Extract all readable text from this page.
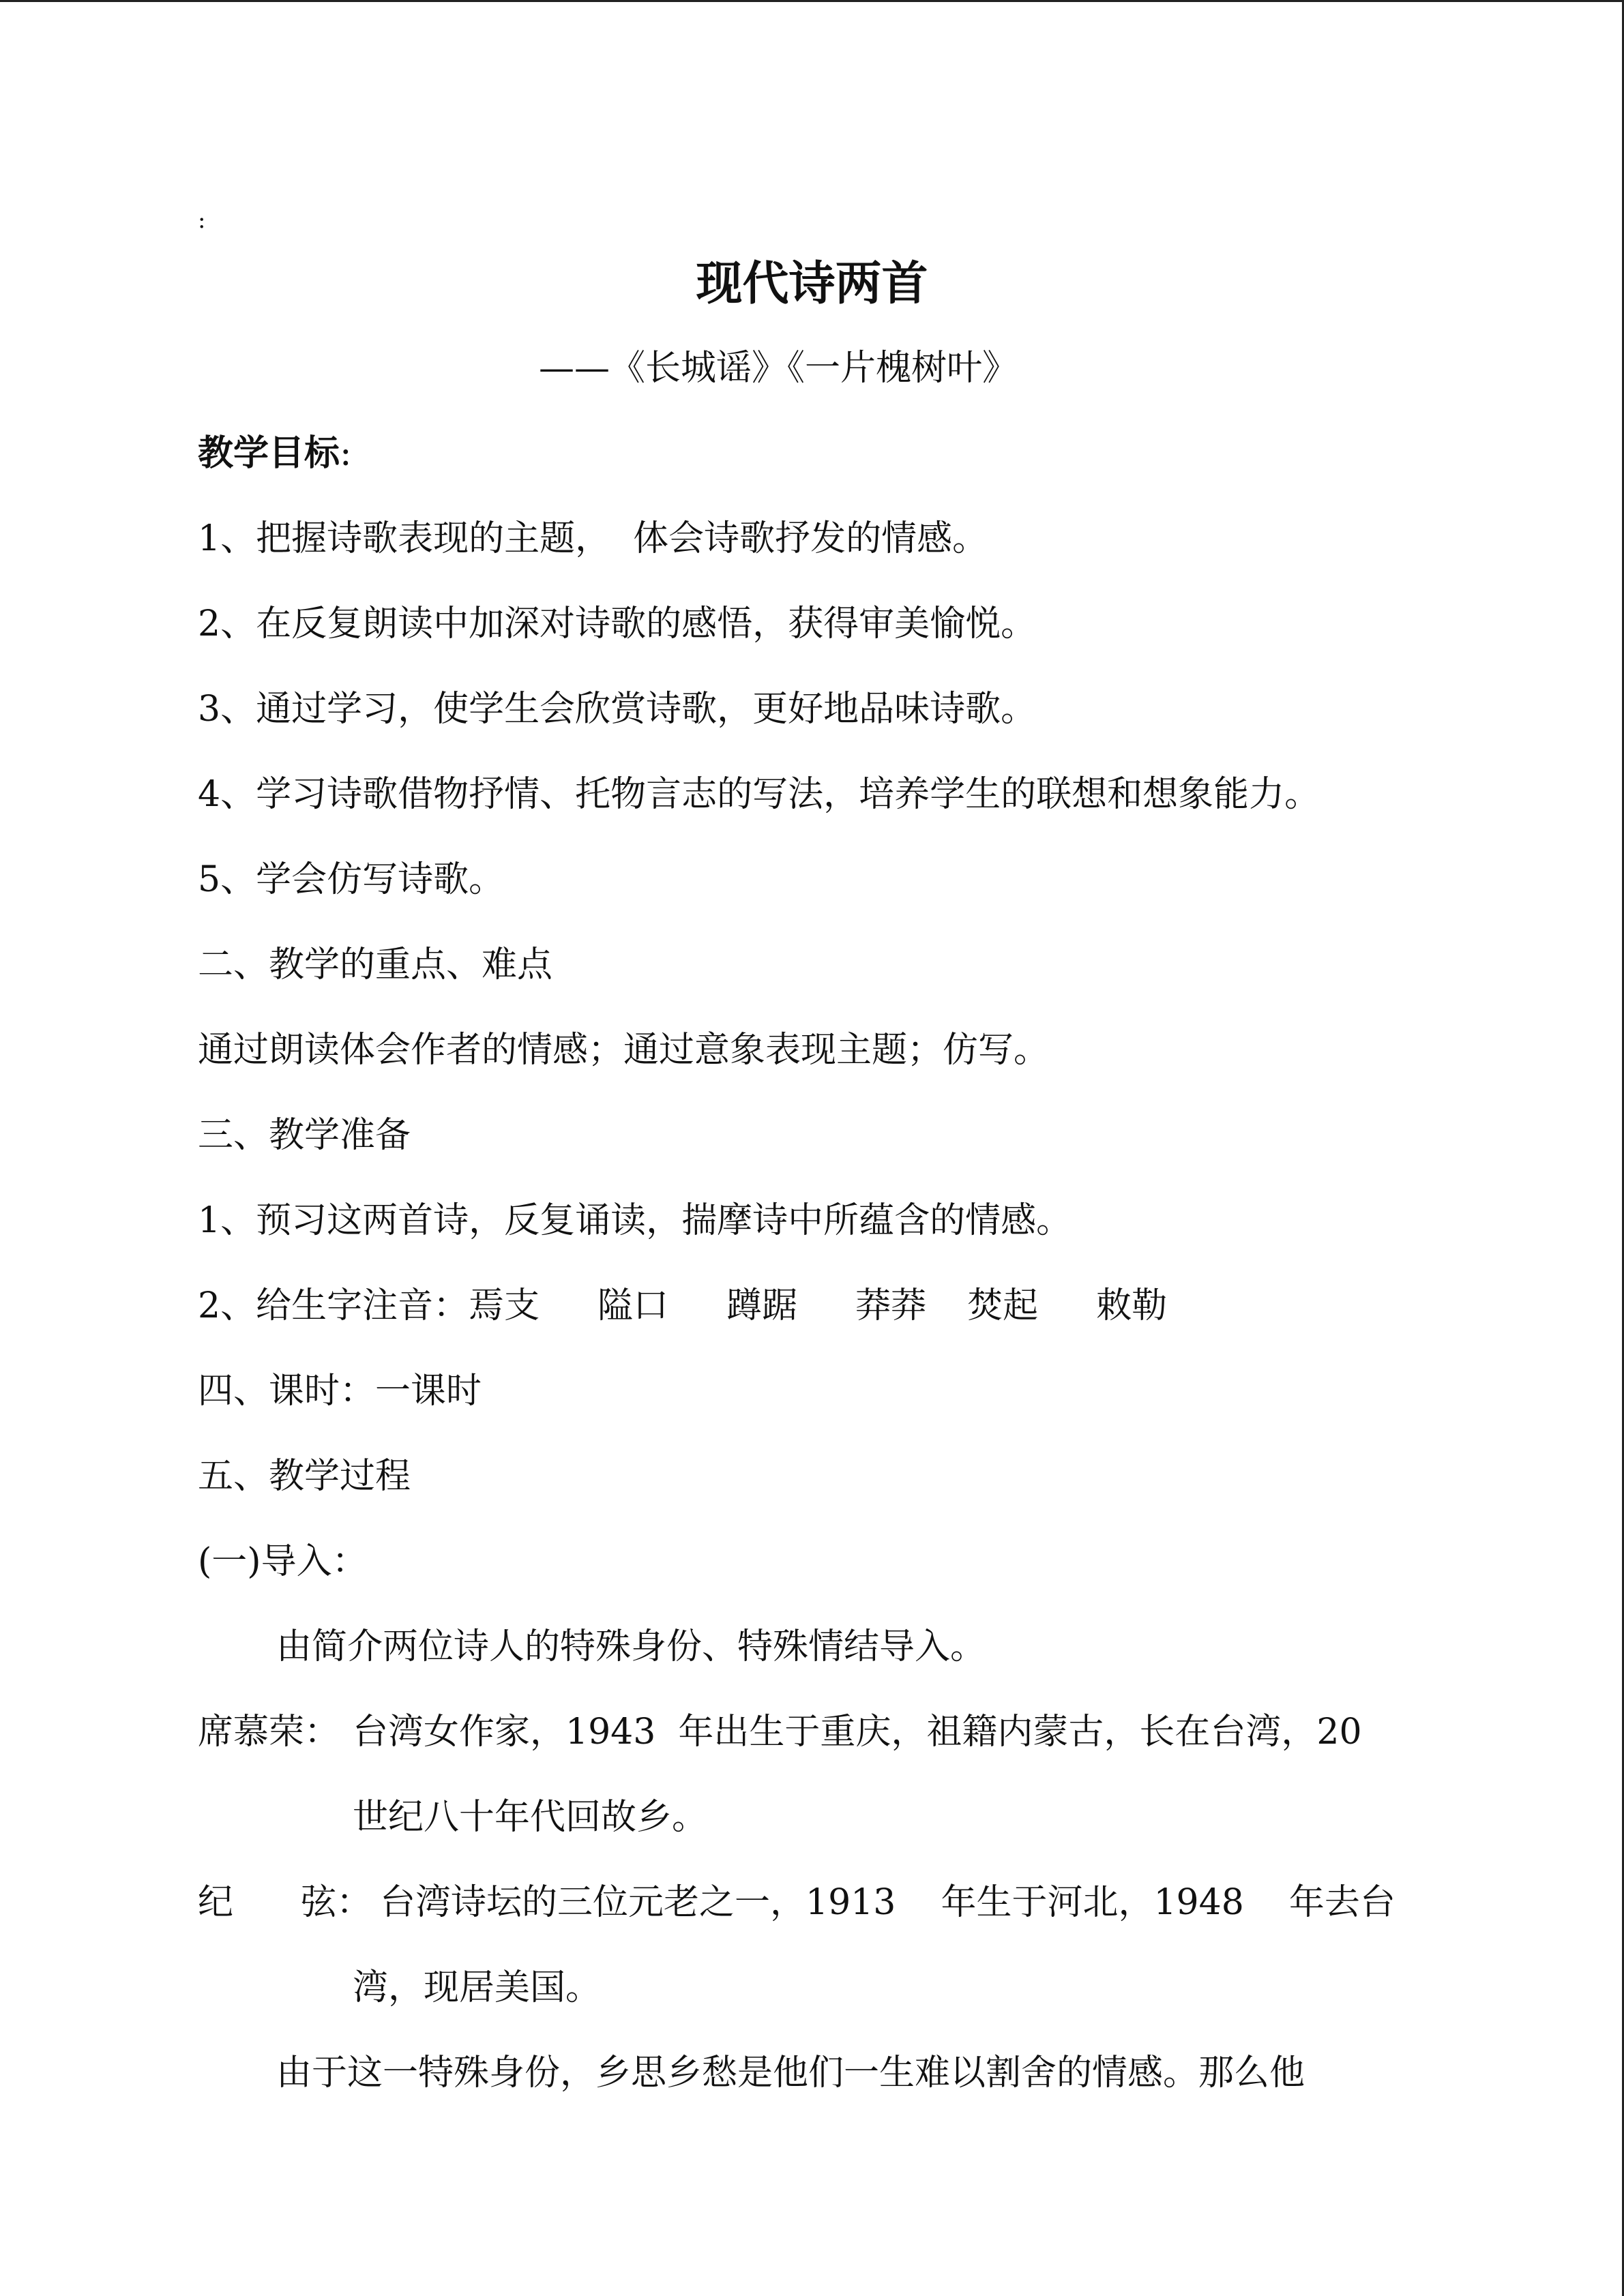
:
现代诗两首
——《长城谣》《一片槐树叶》
教学目标:
1、把握诗歌表现的主题，  体会诗歌抒发的情感。
2、在反复朗读中加深对诗歌的感悟，获得审美愉悦。
3、通过学习，使学生会欣赏诗歌，更好地品味诗歌。
4、学习诗歌借物抒情、托物言志的写法，培养学生的联想和想象能力。
5、学会仿写诗歌。
二、教学的重点、难点
通过朗读体会作者的情感；通过意象表现主题；仿写。
三、教学准备
1、预习这两首诗，反复诵读，揣摩诗中所蕴含的情感。
2、给生字注音：焉支 隘口 蹲踞 莽莽 焚起 敕勒
四、课时：一课时
五、教学过程
(一)导入：
由简介两位诗人的特殊身份、特殊情结导入。
席慕荣： 台湾女作家，1943  年出生于重庆，祖籍内蒙古，长在台湾，20
世纪八十年代回故乡。
纪      弦： 台湾诗坛的三位元老之一，1913    年生于河北，1948    年去台
湾，现居美国。
由于这一特殊身份，乡思乡愁是他们一生难以割舍的情感。那么他
